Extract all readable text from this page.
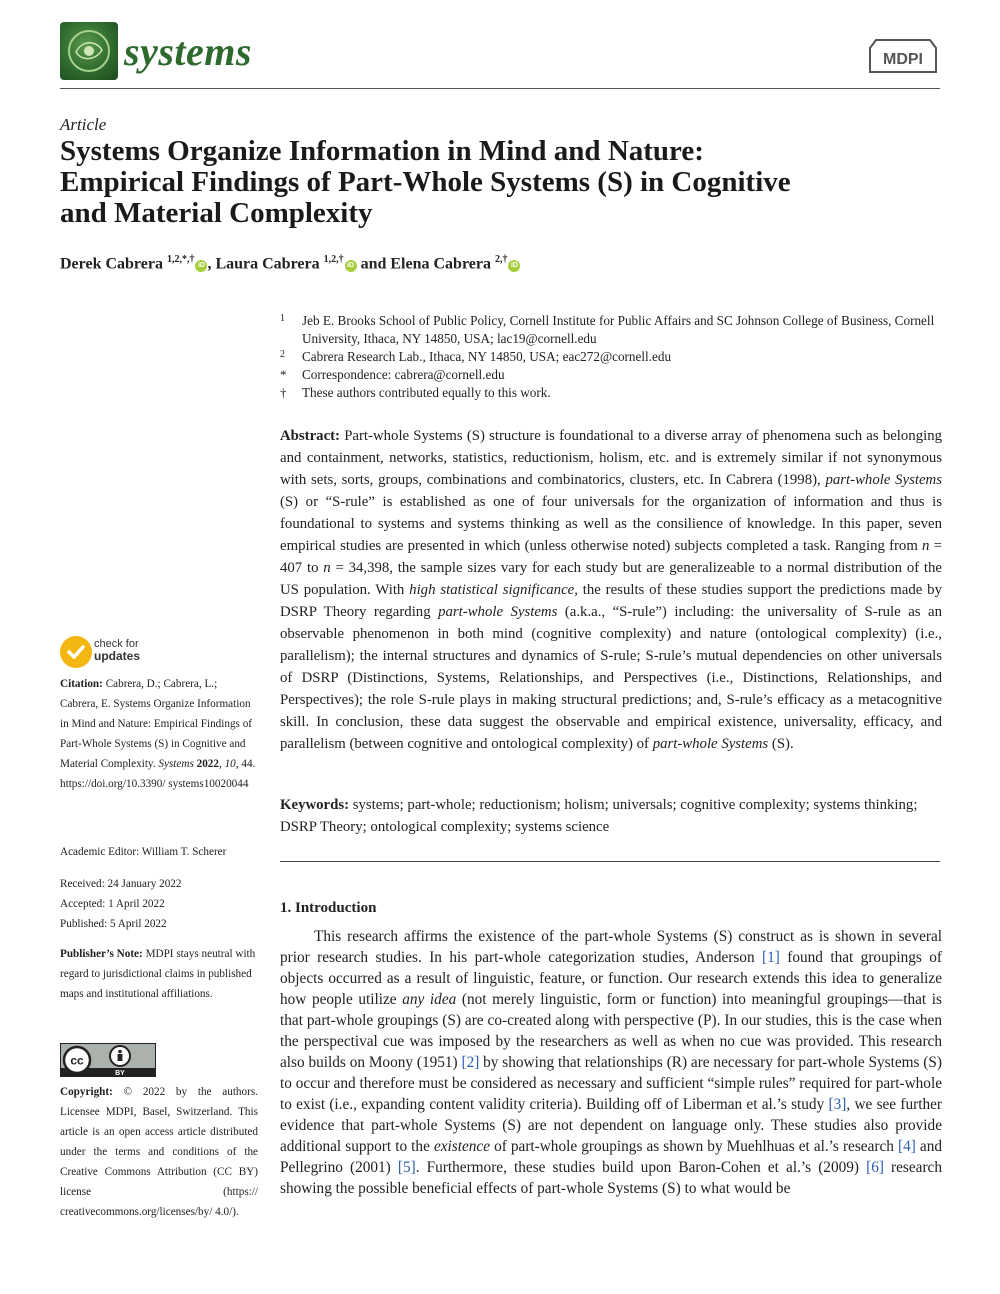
systems	MDPI
Article
Systems Organize Information in Mind and Nature:
Empirical Findings of Part-Whole Systems (S) in Cognitive
and Material Complexity
Derek Cabrera $^{1,2,*,\dagger}$iD , Laura Cabrera $^{1,2,\dagger}$iD and Elena Cabrera $^{2,\dagger}$iD
1 Jeb E. Brooks School of Public Policy, Cornell Institute for Public Affairs and SC Johnson College of Business, Cornell University, Ithaca, NY 14850, USA; lac19@cornell.edu
2 Cabrera Research Lab., Ithaca, NY 14850, USA; eac272@cornell.edu
* Correspondence: cabrera@cornell.edu
† These authors contributed equally to this work.
Abstract: Part-whole Systems (S) structure is foundational to a diverse array of phenomena such as belonging and containment, networks, statistics, reductionism, holism, etc. and is extremely similar if not synonymous with sets, sorts, groups, combinations and combinatorics, clusters, etc. In Cabrera (1998), part-whole Systems (S) or “S-rule” is established as one of four universals for the organization of information and thus is foundational to systems and systems thinking as well as the consilience of knowledge. In this paper, seven empirical studies are presented in which (unless otherwise noted) subjects completed a task. Ranging from n = 407 to n = 34,398, the sample sizes vary for each study but are generalizeable to a normal distribution of the US population. With high statistical significance, the results of these studies support the predictions made by DSRP Theory regarding part-whole Systems (a.k.a., “S-rule”) including: the universality of S-rule as an observable phenomenon in both mind (cognitive complexity) and nature (ontological complexity) (i.e., parallelism); the internal structures and dynamics of S-rule; S-rule’s mutual dependencies on other universals of DSRP (Distinctions, Systems, Relationships, and Perspectives (i.e., Distinctions, Relationships, and Perspectives); the role S-rule plays in making structural predictions; and, S-rule’s efficacy as a metacognitive skill. In conclusion, these data suggest the observable and empirical existence, universality, efficacy, and parallelism (between cognitive and ontological complexity) of part-whole Systems (S).
Keywords: systems; part-whole; reductionism; holism; universals; cognitive complexity; systems thinking; DSRP Theory; ontological complexity; systems science
1. Introduction

This research affirms the existence of the part-whole Systems (S) construct as is shown in several prior research studies. In his part-whole categorization studies, Anderson [1] found that groupings of objects occurred as a result of linguistic, feature, or function. Our research extends this idea to generalize how people utilize any idea (not merely linguistic, form or function) into meaningful groupings—that is that part-whole groupings (S) are co-created along with perspective (P). In our studies, this is the case when the perspectival cue was imposed by the researchers as well as when no cue was provided. This research also builds on Moony (1951) [2] by showing that relationships (R) are necessary for part-whole Systems (S) to occur and therefore must be considered as necessary and sufficient “simple rules” required for part-whole to exist (i.e., expanding content validity criteria). Building off of Liberman et al.’s study [3], we see further evidence that part-whole Systems (S) are not dependent on language only. These studies also provide additional support to the existence of part-whole groupings as shown by Muehlhuas et al.’s research [4] and Pellegrino (2001) [5]. Furthermore, these studies build upon Baron-Cohen et al.’s (2009) [6] research showing the possible beneficial effects of part-whole Systems (S) to what would be

check for
updates
Citation: Cabrera, D.; Cabrera, L.; Cabrera, E. Systems Organize Information in Mind and Nature: Empirical Findings of Part-Whole Systems (S) in Cognitive and Material Complexity. Systems 2022, 10, 44. https://doi.org/10.3390/ systems10020044
Academic Editor: William T. Scherer
Received: 24 January 2022
Accepted: 1 April 2022
Published: 5 April 2022
Publisher’s Note: MDPI stays neutral with regard to jurisdictional claims in published maps and institutional affiliations.
cc
BY
Copyright: © 2022 by the authors. Licensee MDPI, Basel, Switzerland. This article is an open access article distributed under the terms and conditions of the Creative Commons Attribution (CC BY) license (https:// creativecommons.org/licenses/by/ 4.0/).
